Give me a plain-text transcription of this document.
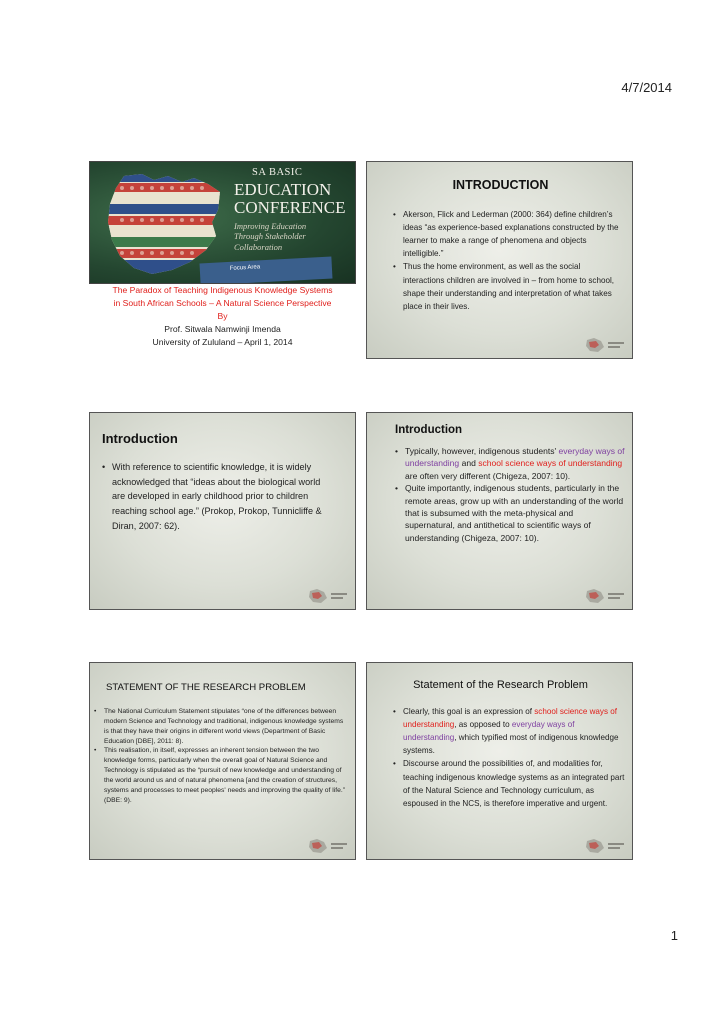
4/7/2014
SA BASIC
EDUCATION
CONFERENCE
Improving Education
Through Stakeholder
Collaboration
Focus Area
The Paradox of Teaching Indigenous Knowledge Systems
in South African Schools – A Natural Science Perspective
By
Prof. Sitwala Namwinji Imenda
University of Zululand – April 1, 2014
INTRODUCTION
• Akerson, Flick and Lederman (2000: 364) define children’s ideas “as experience-based explanations constructed by the learner to make a range of phenomena and objects intelligible.”
• Thus the home environment, as well as the social interactions children are involved in – from home to school, shape their understanding and interpretation of what takes place in their lives.
Introduction
• With reference to scientific knowledge, it is widely acknowledged that “ideas about the biological world are developed in early childhood prior to children reaching school age.” (Prokop, Prokop, Tunnicliffe & Diran, 2007: 62).
Introduction
• Typically, however, indigenous students' everyday ways of understanding and school science ways of understanding are often very different (Chigeza, 2007: 10).
• Quite importantly, indigenous students, particularly in the remote areas, grow up with an understanding of the world that is subsumed with the meta-physical and supernatural, and antithetical to scientific ways of understanding (Chigeza, 2007: 10).
STATEMENT OF THE RESEARCH PROBLEM
• The National Curriculum Statement stipulates “one of the differences between modern Science and Technology and traditional, indigenous knowledge systems is that they have their origins in different world views (Department of Basic Education [DBE], 2011: 8).
• This realisation, in itself, expresses an inherent tension between the two knowledge forms, particularly when the overall goal of Natural Science and Technology is stipulated as the “pursuit of new knowledge and understanding of the world around us and of natural phenomena [and the creation of structures, systems and processes to meet peoples' needs and improving the quality of life.” (DBE: 9).
Statement of the Research Problem
• Clearly, this goal is an expression of school science ways of understanding, as opposed to everyday ways of understanding, which typified most of indigenous knowledge systems.
• Discourse around the possibilities of, and modalities for, teaching indigenous knowledge systems as an integrated part of the Natural Science and Technology curriculum, as espoused in the NCS, is therefore imperative and urgent.
1
